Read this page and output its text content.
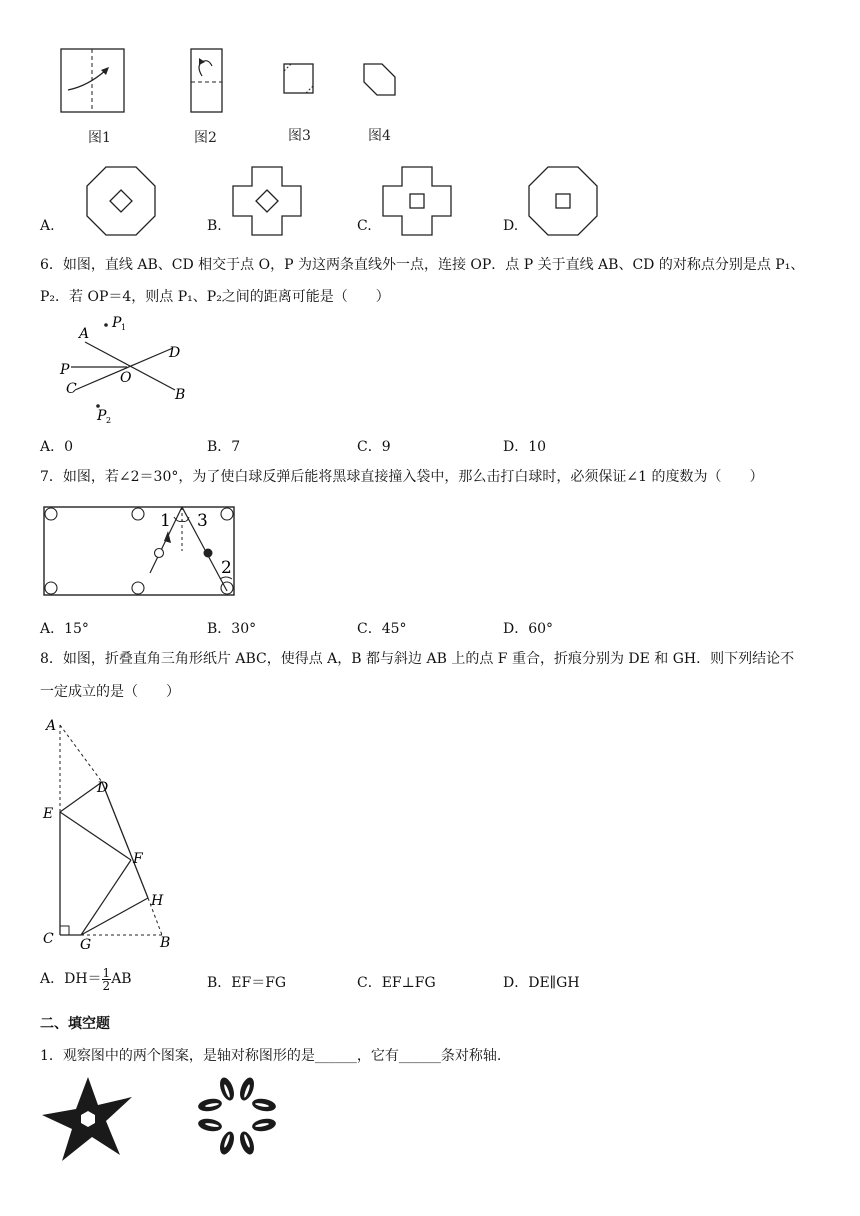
图1	图2	图3	图4
A.	B.	C.	D.
6．如图，直线 AB、CD 相交于点 O，P 为这两条直线外一点，连接 OP．点 P 关于直线 AB、CD 的对称点分别是点 P₁、
P₂．若 OP＝4，则点 P₁、P₂之间的距离可能是（　　）
A
P 1
D
P	O
C	B
P 2
A．0	B．7	C．9	D．10
7．如图，若∠2＝30°，为了使白球反弹后能将黑球直接撞入袋中，那么击打白球时，必须保证∠1 的度数为（　　）
1 3
2
A．15°	B．30°	C．45°	D．60°
8．如图，折叠直角三角形纸片 ABC，使得点 A，B 都与斜边 AB 上的点 F 重合，折痕分别为 DE 和 GH．则下列结论不
一定成立的是（　　）
A
D
E
F
H
C G	B
A．$DH= \frac{1}{2}$ AB	B．EF＝FG	C．EF⊥FG	D．DE∥GH
二、填空题
1．观察图中的两个图案，是轴对称图形的是______，它有______条对称轴.
